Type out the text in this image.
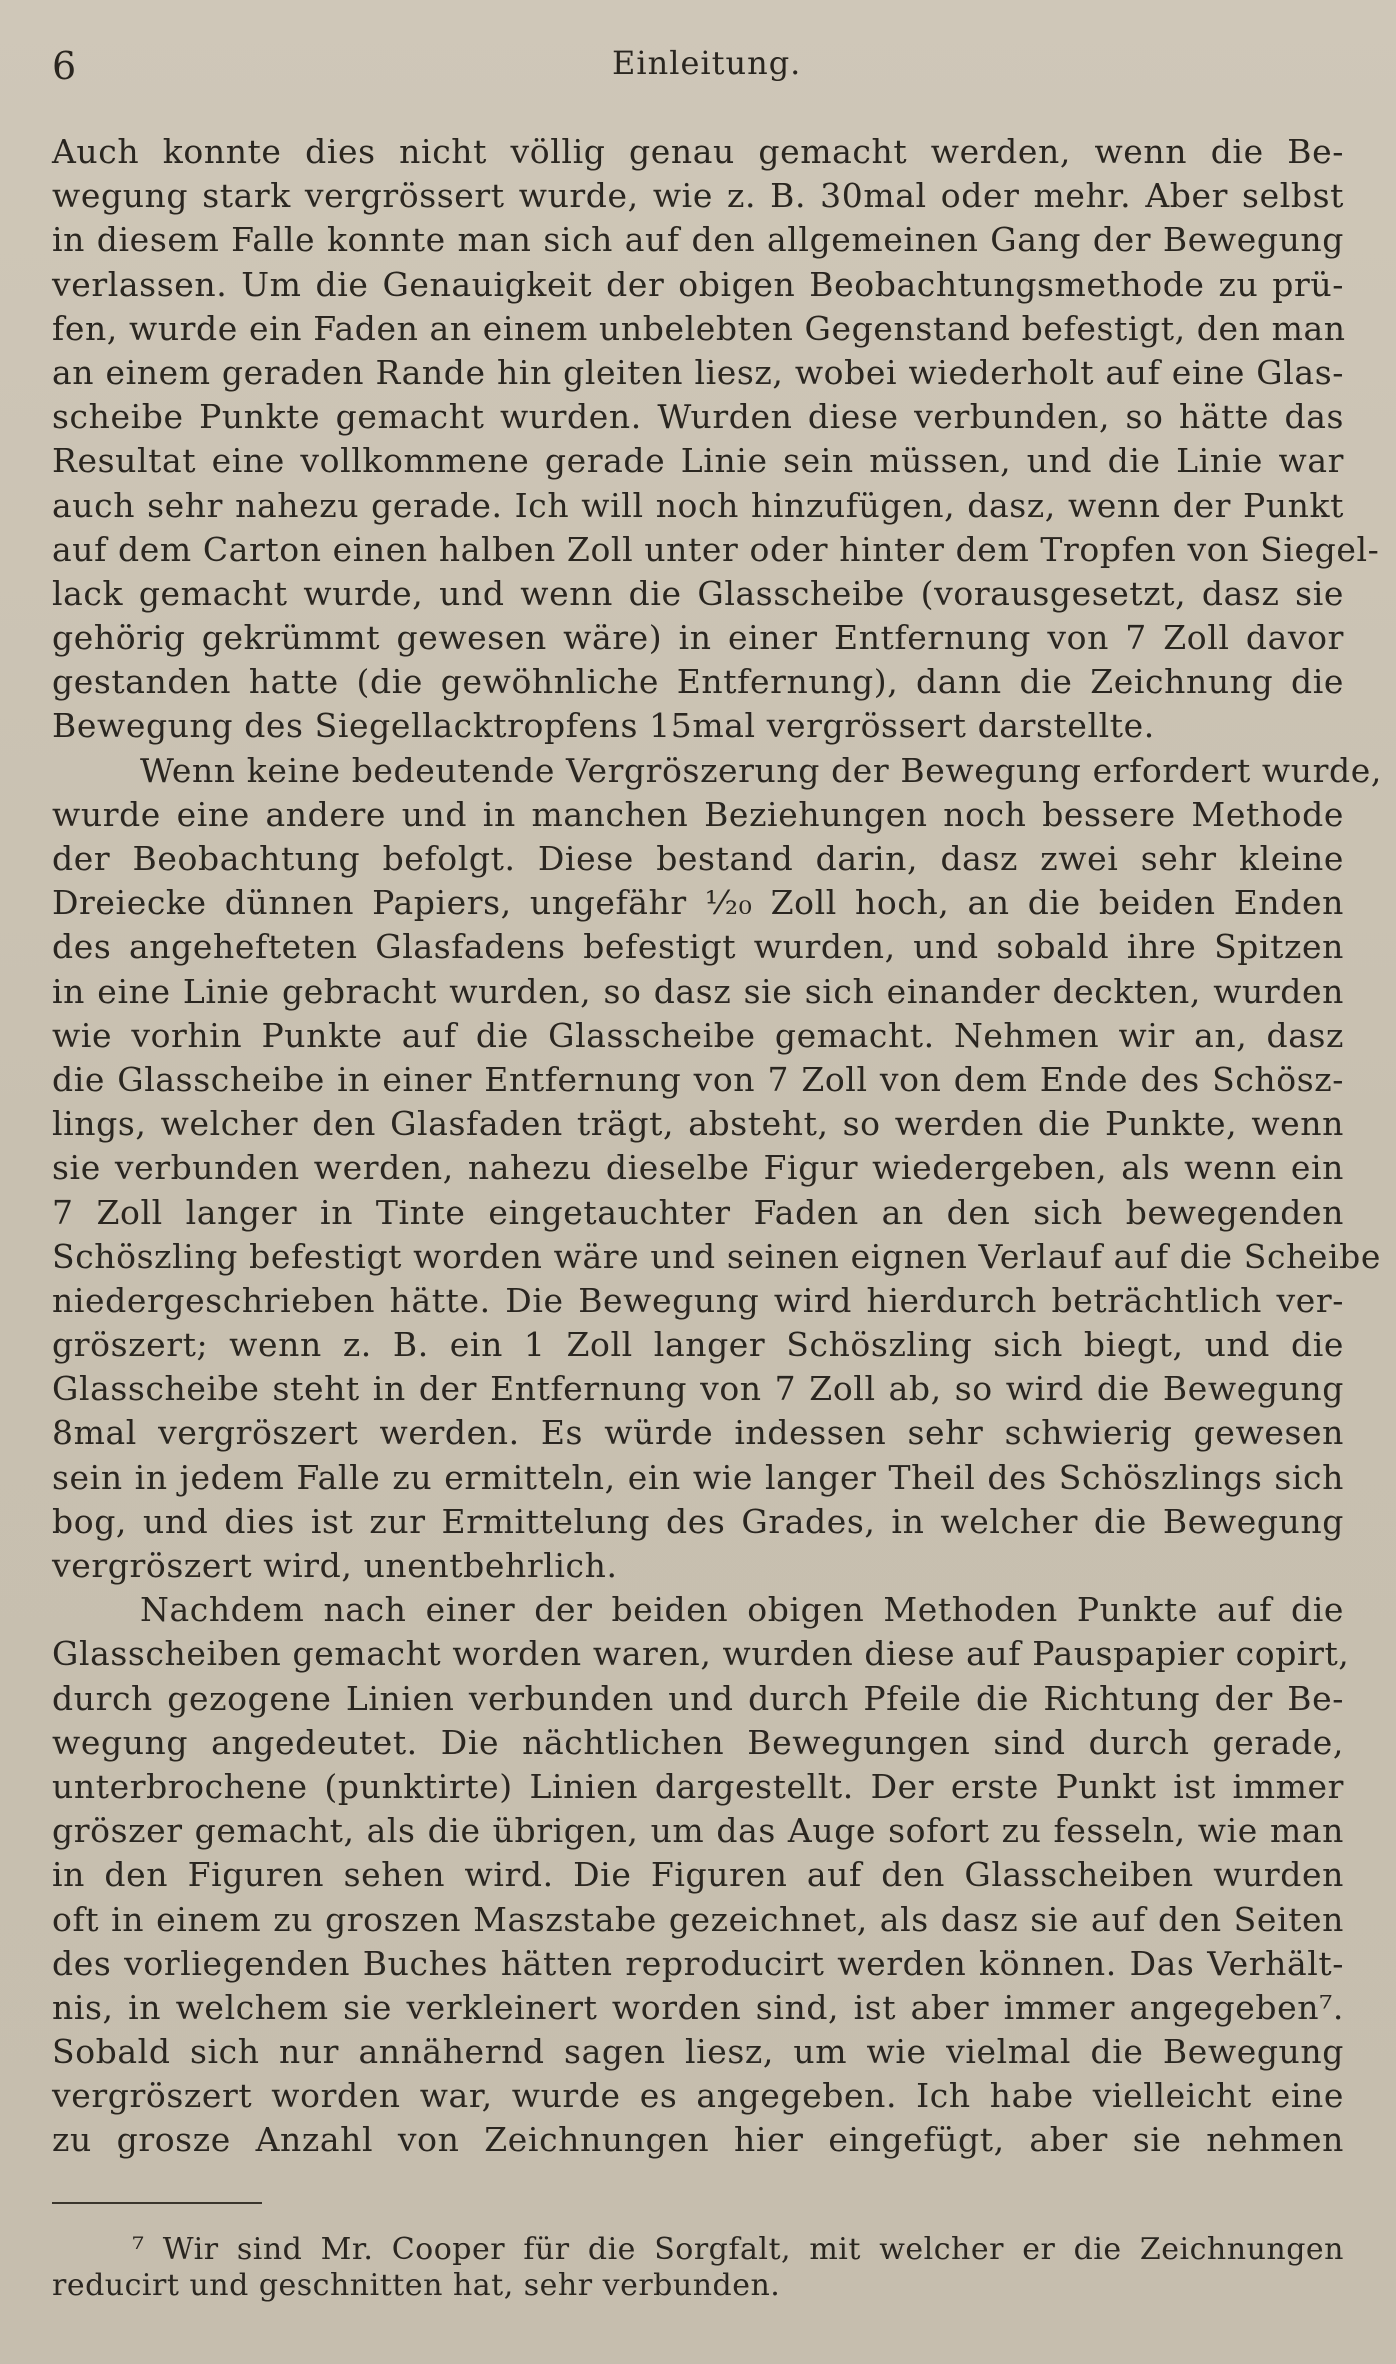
6	Einleitung.
Auch konnte dies nicht völlig genau gemacht werden, wenn die Be-
wegung stark vergrössert wurde, wie z. B. 30mal oder mehr. Aber selbst
in diesem Falle konnte man sich auf den allgemeinen Gang der Bewegung
verlassen. Um die Genauigkeit der obigen Beobachtungsmethode zu prü-
fen, wurde ein Faden an einem unbelebten Gegenstand befestigt, den man
an einem geraden Rande hin gleiten liesz, wobei wiederholt auf eine Glas-
scheibe Punkte gemacht wurden. Wurden diese verbunden, so hätte das
Resultat eine vollkommene gerade Linie sein müssen, und die Linie war
auch sehr nahezu gerade. Ich will noch hinzufügen, dasz, wenn der Punkt
auf dem Carton einen halben Zoll unter oder hinter dem Tropfen von Siegel-
lack gemacht wurde, und wenn die Glasscheibe (vorausgesetzt, dasz sie
gehörig gekrümmt gewesen wäre) in einer Entfernung von 7 Zoll davor
gestanden hatte (die gewöhnliche Entfernung), dann die Zeichnung die
Bewegung des Siegellacktropfens 15mal vergrössert darstellte.
Wenn keine bedeutende Vergröszerung der Bewegung erfordert wurde,
wurde eine andere und in manchen Beziehungen noch bessere Methode
der Beobachtung befolgt. Diese bestand darin, dasz zwei sehr kleine
Dreiecke dünnen Papiers, ungefähr ¹⁄₂₀ Zoll hoch, an die beiden Enden
des angehefteten Glasfadens befestigt wurden, und sobald ihre Spitzen
in eine Linie gebracht wurden, so dasz sie sich einander deckten, wurden
wie vorhin Punkte auf die Glasscheibe gemacht. Nehmen wir an, dasz
die Glasscheibe in einer Entfernung von 7 Zoll von dem Ende des Schösz-
lings, welcher den Glasfaden trägt, absteht, so werden die Punkte, wenn
sie verbunden werden, nahezu dieselbe Figur wiedergeben, als wenn ein
7 Zoll langer in Tinte eingetauchter Faden an den sich bewegenden
Schöszling befestigt worden wäre und seinen eignen Verlauf auf die Scheibe
niedergeschrieben hätte. Die Bewegung wird hierdurch beträchtlich ver-
gröszert; wenn z. B. ein 1 Zoll langer Schöszling sich biegt, und die
Glasscheibe steht in der Entfernung von 7 Zoll ab, so wird die Bewegung
8mal vergröszert werden. Es würde indessen sehr schwierig gewesen
sein in jedem Falle zu ermitteln, ein wie langer Theil des Schöszlings sich
bog, und dies ist zur Ermittelung des Grades, in welcher die Bewegung
vergröszert wird, unentbehrlich.
Nachdem nach einer der beiden obigen Methoden Punkte auf die
Glasscheiben gemacht worden waren, wurden diese auf Pauspapier copirt,
durch gezogene Linien verbunden und durch Pfeile die Richtung der Be-
wegung angedeutet. Die nächtlichen Bewegungen sind durch gerade,
unterbrochene (punktirte) Linien dargestellt. Der erste Punkt ist immer
gröszer gemacht, als die übrigen, um das Auge sofort zu fesseln, wie man
in den Figuren sehen wird. Die Figuren auf den Glasscheiben wurden
oft in einem zu groszen Maszstabe gezeichnet, als dasz sie auf den Seiten
des vorliegenden Buches hätten reproducirt werden können. Das Verhält-
nis, in welchem sie verkleinert worden sind, ist aber immer angegeben⁷.
Sobald sich nur annähernd sagen liesz, um wie vielmal die Bewegung
vergröszert worden war, wurde es angegeben. Ich habe vielleicht eine
zu grosze Anzahl von Zeichnungen hier eingefügt, aber sie nehmen
⁷ Wir sind Mr. Cooper für die Sorgfalt, mit welcher er die Zeichnungen
reducirt und geschnitten hat, sehr verbunden.
